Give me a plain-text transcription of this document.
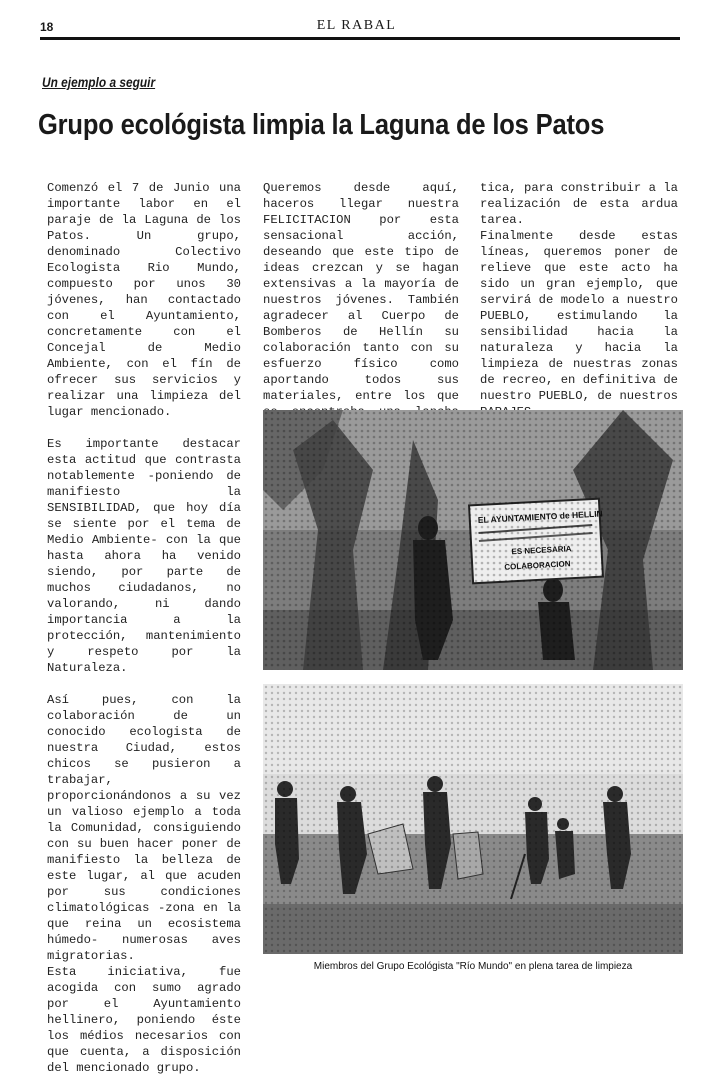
18	EL RABAL
Un ejemplo a seguir
Grupo ecológista limpia la Laguna de los Patos

Comenzó el 7 de Junio una importante labor en el paraje de la Laguna de los Patos. Un grupo, denominado Colectivo Ecologista Rio Mundo, compuesto por unos 30 jóvenes, han contactado con el Ayuntamiento, concretamente con el Concejal de Medio Ambiente, con el fín de ofrecer sus servicios y realizar una limpieza del lugar mencionado.

Es importante destacar esta actitud que contrasta notablemente -poniendo de manifiesto la SENSIBILIDAD, que hoy día se siente por el tema de Medio Ambiente- con la que hasta ahora ha venido siendo, por parte de muchos ciudadanos, no valorando, ni dando importancia a la protección, mantenimiento y respeto por la Naturaleza.

Así pues, con la colaboración de un conocido ecologista de nuestra Ciudad, estos chicos se pusieron a trabajar, proporcionándonos a su vez un valioso ejemplo a toda la Comunidad, consiguiendo con su buen hacer poner de manifiesto la belleza de este lugar, al que acuden por sus condiciones climatológicas -zona en la que reina un ecosistema húmedo- numerosas aves migratorias.

Esta iniciativa, fue acogida con sumo agrado por el Ayuntamiento hellinero, poniendo éste los médios necesarios con que cuenta, a disposición del mencionado grupo.

Queremos desde aquí, haceros llegar nuestra FELICITACION por esta sensacional acción, deseando que este tipo de ideas crezcan y se hagan extensivas a la mayoría de nuestros jóvenes. También agradecer al Cuerpo de Bomberos de Hellín su colaboración tanto con su esfuerzo físico como aportando todos sus materiales, entre los que

tica, para constribuir a la realización de esta ardua tarea.

Finalmente desde estas líneas, queremos poner de relieve que este acto ha sido un gran ejemplo, que servirá de modelo a nuestro PUEBLO, estimulando la sensibilidad hacia la naturaleza y hacia la limpieza de nuestras zonas de recreo, en definitiva de nuestro PUEBLO, de nuestros

Miembros del Grupo Ecológista "Río Mundo" en plena tarea de limpieza
